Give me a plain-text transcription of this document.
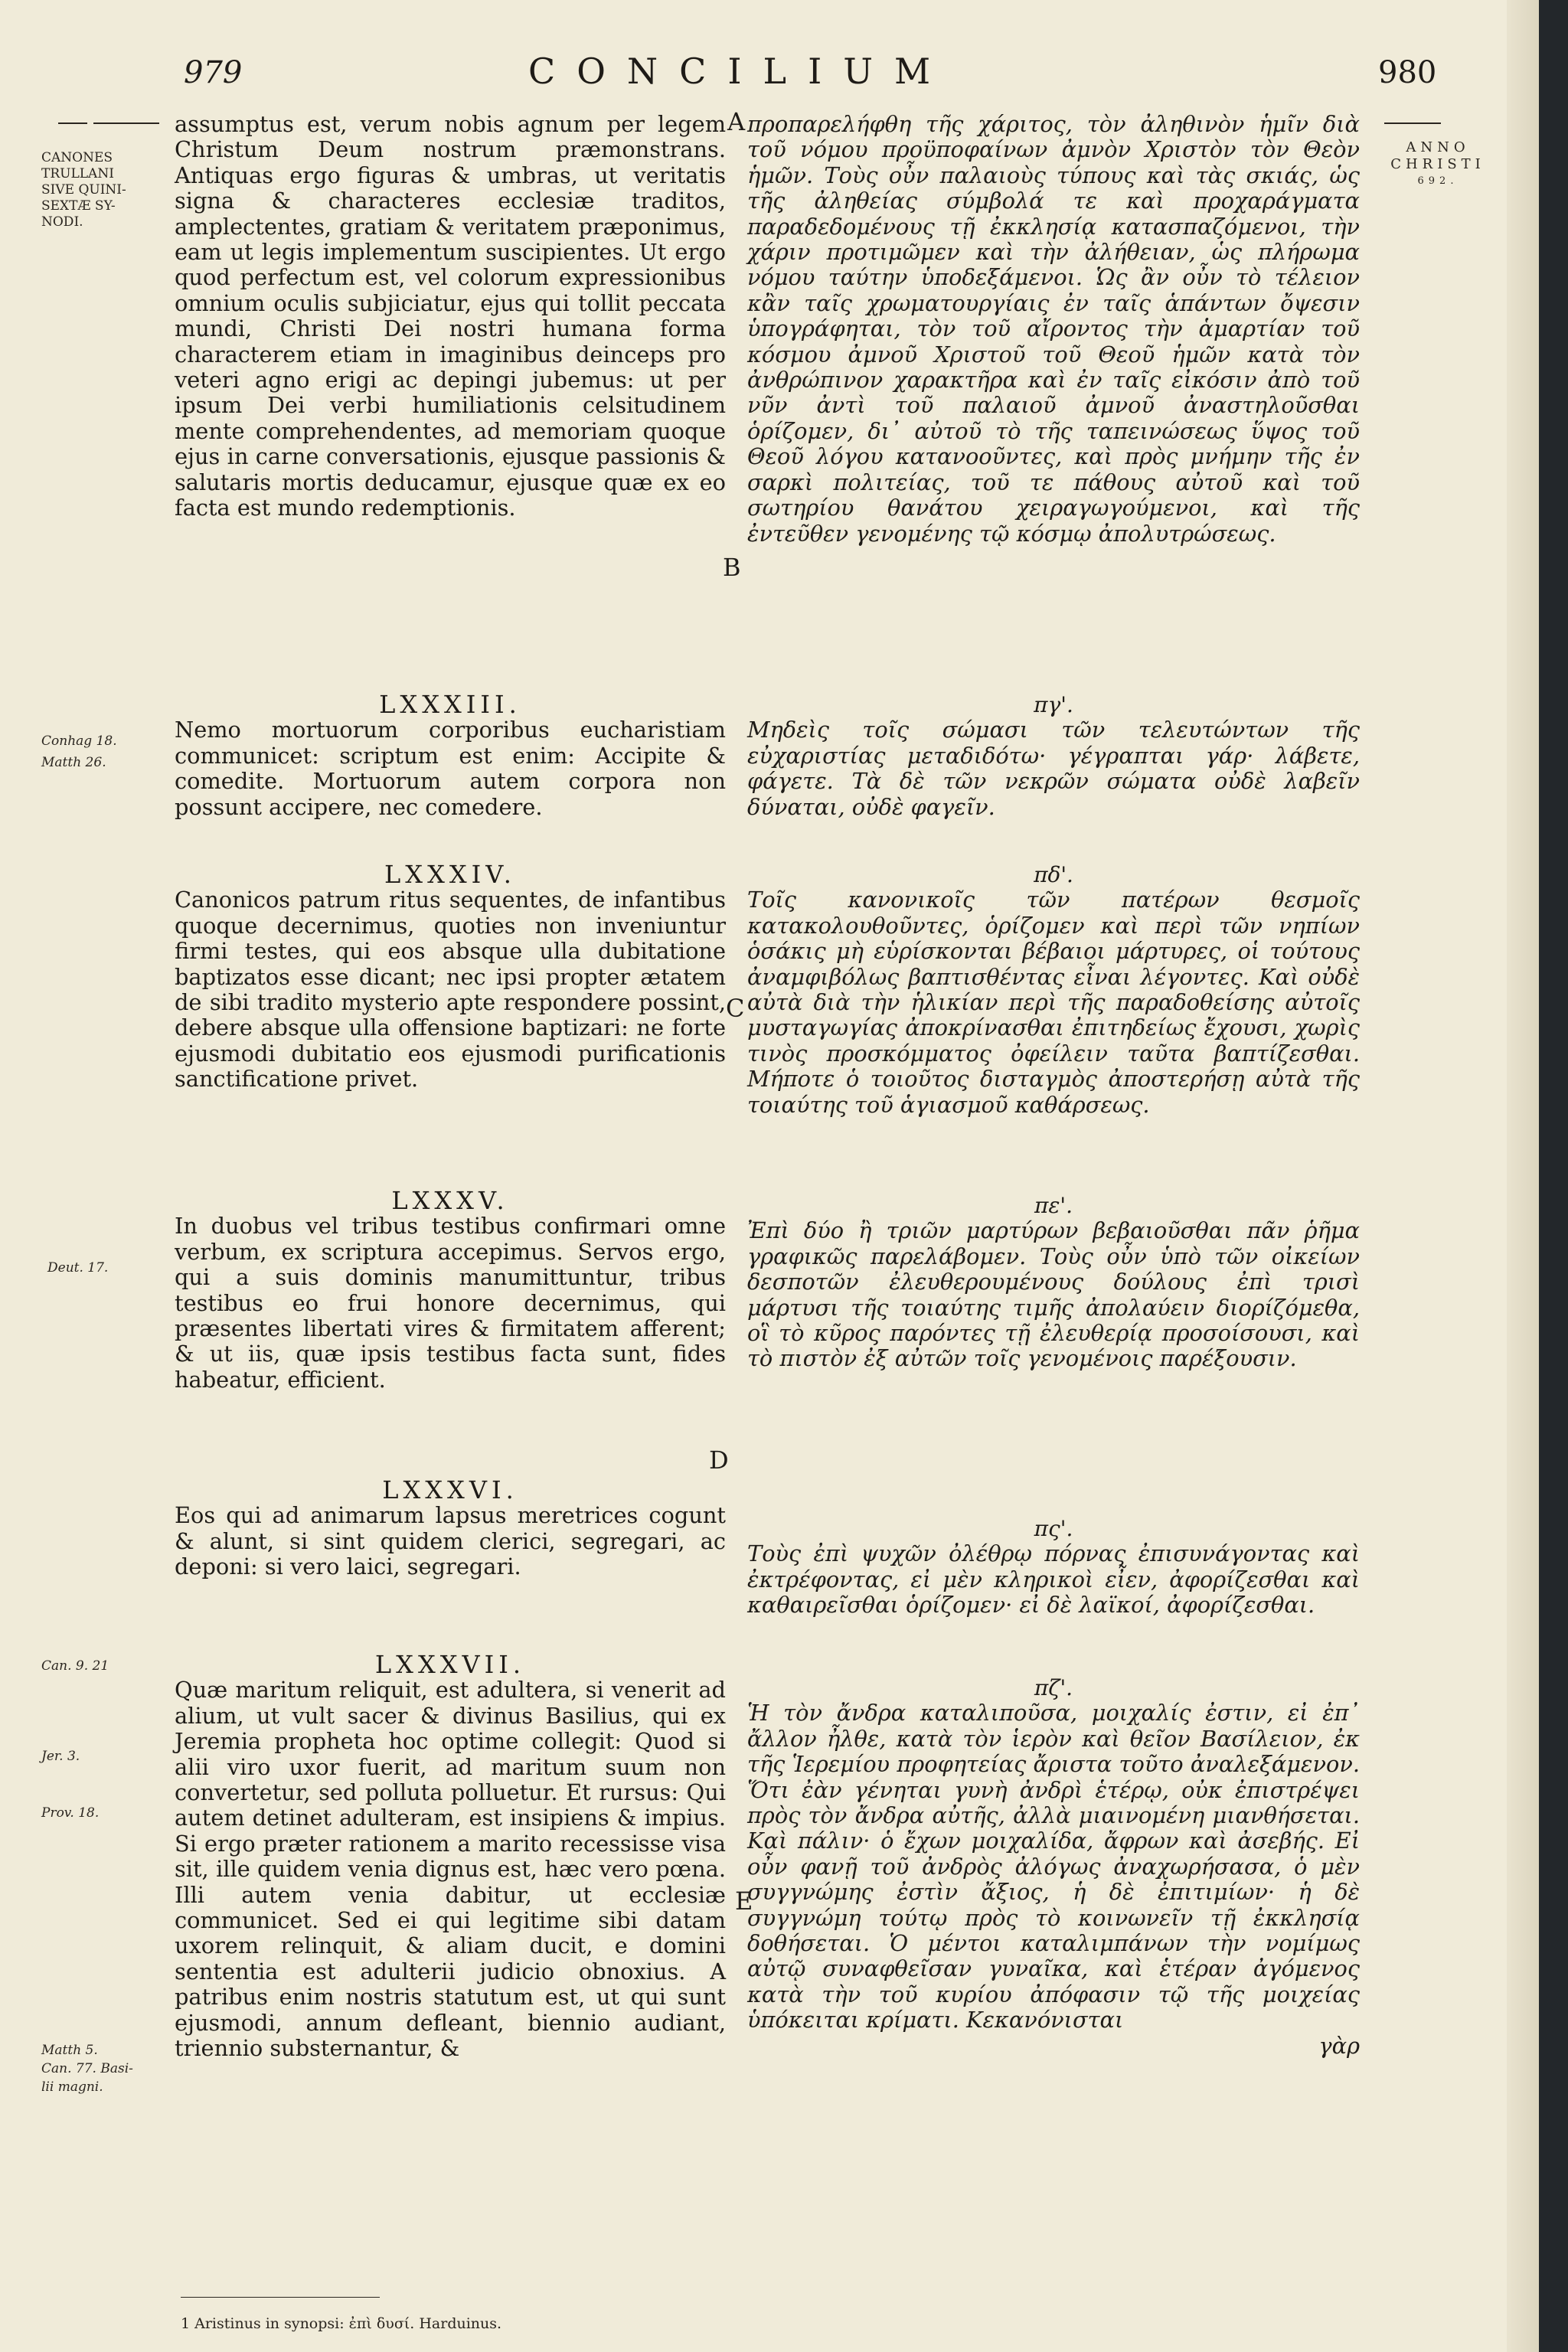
979	CONCILIUM	980
CANONES
TRULLANI
SIVE QUINI-
SEXTÆ SY-
NODI.
ANNO
CHRISTI
692.
Conhag 18.
Matth 26.
Deut. 17.
Can. 9. 21
Jer. 3.
Prov. 18.
Matth 5.
Can. 77. Basi-
lii magni.
A
B
C
D
E

assumptus est, verum nobis agnum per legem Christum Deum nostrum præmonstrans. Antiquas ergo figuras & umbras, ut veritatis signa & characteres ecclesiæ traditos, amplectentes, gratiam & veritatem præponimus, eam ut legis implementum suscipientes. Ut ergo quod perfectum est, vel colorum expressionibus omnium oculis subjiciatur, ejus qui tollit peccata mundi, Christi Dei nostri humana forma characterem etiam in imaginibus deinceps pro veteri agno erigi ac depingi jubemus: ut per ipsum Dei verbi humiliationis celsitudinem mente comprehendentes, ad memoriam quoque ejus in carne conversationis, ejusque passionis & salutaris mortis deducamur, ejusque quæ ex eo facta est mundo redemptionis.

LXXXIII.

Nemo mortuorum corporibus eucharistiam communicet: scriptum est enim: Accipite & comedite. Mortuorum autem corpora non possunt accipere, nec comedere.

LXXXIV.

Canonicos patrum ritus sequentes, de infantibus quoque decernimus, quoties non inveniuntur firmi testes, qui eos absque ulla dubitatione baptizatos esse dicant; nec ipsi propter ætatem de sibi tradito mysterio apte respondere possint, debere absque ulla offensione baptizari: ne forte ejusmodi dubitatio eos ejusmodi purificationis sanctificatione privet.

LXXXV.

In duobus vel tribus testibus confirmari omne verbum, ex scriptura accepimus. Servos ergo, qui a suis dominis manumittuntur, tribus testibus eo frui honore decernimus, qui præsentes libertati vires & firmitatem afferent; & ut iis, quæ ipsis testibus facta sunt, fides habeatur, efficient.

LXXXVI.

Eos qui ad animarum lapsus meretrices cogunt & alunt, si sint quidem clerici, segregari, ac deponi: si vero laici, segregari.

LXXXVII.

Quæ maritum reliquit, est adultera, si venerit ad alium, ut vult sacer & divinus Basilius, qui ex Jeremia propheta hoc optime collegit: Quod si alii viro uxor fuerit, ad maritum suum non convertetur, sed polluta polluetur. Et rursus: Qui autem detinet adulteram, est insipiens & impius. Si ergo præter rationem a marito recessisse visa sit, ille quidem venia dignus est, hæc vero pœna. Illi autem venia dabitur, ut ecclesiæ communicet. Sed ei qui legitime sibi datam uxorem relinquit, & aliam ducit, e domini sententia est adulterii judicio obnoxius. A patribus enim nostris statutum est, ut qui sunt ejusmodi, annum defleant, biennio audiant, triennio substernantur, &

προπαρελήφθη τῆς χάριτος, τὸν ἀληθινὸν ἡμῖν διὰ τοῦ νόμου προϋποφαίνων ἀμνὸν Χριστὸν τὸν Θεὸν ἡμῶν. Τοὺς οὖν παλαιοὺς τύπους καὶ τὰς σκιάς, ὡς τῆς ἀληθείας σύμβολά τε καὶ προχαράγματα παραδεδομένους τῇ ἐκκλησίᾳ κατασπαζόμενοι, τὴν χάριν προτιμῶμεν καὶ τὴν ἀλήθειαν, ὡς πλήρωμα νόμου ταύτην ὑποδεξάμενοι. Ὡς ἂν οὖν τὸ τέλειον κἂν ταῖς χρωματουργίαις ἐν ταῖς ἁπάντων ὄψεσιν ὑπογράφηται, τὸν τοῦ αἴροντος τὴν ἁμαρτίαν τοῦ κόσμου ἀμνοῦ Χριστοῦ τοῦ Θεοῦ ἡμῶν κατὰ τὸν ἀνθρώπινον χαρακτῆρα καὶ ἐν ταῖς εἰκόσιν ἀπὸ τοῦ νῦν ἀντὶ τοῦ παλαιοῦ ἀμνοῦ ἀναστηλοῦσθαι ὁρίζομεν, δι᾽ αὐτοῦ τὸ τῆς ταπεινώσεως ὕψος τοῦ Θεοῦ λόγου κατανοοῦντες, καὶ πρὸς μνήμην τῆς ἐν σαρκὶ πολιτείας, τοῦ τε πάθους αὐτοῦ καὶ τοῦ σωτηρίου θανάτου χειραγωγούμενοι, καὶ τῆς ἐντεῦθεν γενομένης τῷ κόσμῳ ἀπολυτρώσεως.

πγ'.

Μηδεὶς τοῖς σώμασι τῶν τελευτώντων τῆς εὐχαριστίας μεταδιδότω· γέγραπται γάρ· λάβετε, φάγετε. Τὰ δὲ τῶν νεκρῶν σώματα οὐδὲ λαβεῖν δύναται, οὐδὲ φαγεῖν.

πδ'.

Τοῖς κανονικοῖς τῶν πατέρων θεσμοῖς κατακολουθοῦντες, ὁρίζομεν καὶ περὶ τῶν νηπίων ὁσάκις μὴ εὑρίσκονται βέβαιοι μάρτυρες, οἱ τούτους ἀναμφιβόλως βαπτισθέντας εἶναι λέγοντες. Καὶ οὐδὲ αὐτὰ διὰ τὴν ἡλικίαν περὶ τῆς παραδοθείσης αὐτοῖς μυσταγωγίας ἀποκρίνασθαι ἐπιτηδείως ἔχουσι, χωρὶς τινὸς προσκόμματος ὀφείλειν ταῦτα βαπτίζεσθαι. Μήποτε ὁ τοιοῦτος δισταγμὸς ἀποστερήσῃ αὐτὰ τῆς τοιαύτης τοῦ ἁγιασμοῦ καθάρσεως.

πε'.

Ἐπὶ δύο ἢ τριῶν μαρτύρων βεβαιοῦσθαι πᾶν ῥῆμα γραφικῶς παρελάβομεν. Τοὺς οὖν ὑπὸ τῶν οἰκείων δεσποτῶν ἐλευθερουμένους δούλους ἐπὶ τρισὶ μάρτυσι τῆς τοιαύτης τιμῆς ἀπολαύειν διορίζόμεθα, οἳ τὸ κῦρος παρόντες τῇ ἐλευθερίᾳ προσοίσουσι, καὶ τὸ πιστὸν ἐξ αὐτῶν τοῖς γενομένοις παρέξουσιν.

πς'.

Τοὺς ἐπὶ ψυχῶν ὀλέθρῳ πόρνας ἐπισυνάγοντας καὶ ἐκτρέφοντας, εἰ μὲν κληρικοὶ εἶεν, ἀφορίζεσθαι καὶ καθαιρεῖσθαι ὁρίζομεν· εἰ δὲ λαϊκοί, ἀφορίζεσθαι.

πζ'.

Ἡ τὸν ἄνδρα καταλιποῦσα, μοιχαλίς ἐστιν, εἰ ἐπ᾽ ἄλλον ἦλθε, κατὰ τὸν ἱερὸν καὶ θεῖον Βασίλειον, ἐκ τῆς Ἱερεμίου προφητείας ἄριστα τοῦτο ἀναλεξάμενον. Ὅτι ἐὰν γένηται γυνὴ ἀνδρὶ ἑτέρῳ, οὐκ ἐπιστρέψει πρὸς τὸν ἄνδρα αὐτῆς, ἀλλὰ μιαινομένη μιανθήσεται. Καὶ πάλιν· ὁ ἔχων μοιχαλίδα, ἄφρων καὶ ἀσεβής. Εἰ οὖν φανῇ τοῦ ἀνδρὸς ἀλόγως ἀναχωρήσασα, ὁ μὲν συγγνώμης ἐστὶν ἄξιος, ἡ δὲ ἐπιτιμίων· ἡ δὲ συγγνώμη τούτῳ πρὸς τὸ κοινωνεῖν τῇ ἐκκλησίᾳ δοθήσεται. Ὁ μέντοι καταλιμπάνων τὴν νομίμως αὐτῷ συναφθεῖσαν γυναῖκα, καὶ ἑτέραν ἀγόμενος κατὰ τὴν τοῦ κυρίου ἀπόφασιν τῷ τῆς μοιχείας ὑπόκειται κρίματι. Κεκανόνισται

γὰρ

1 Aristinus in synopsi: ἐπὶ δυσί. Harduinus.
